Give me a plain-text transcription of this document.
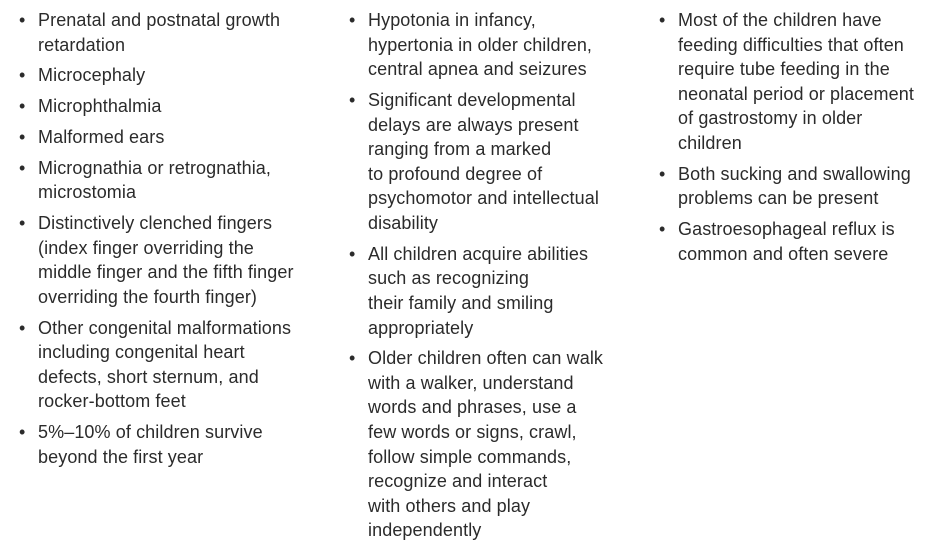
• Prenatal and postnatal growth
retardation
• Microcephaly
• Microphthalmia
• Malformed ears
• Micrognathia or retrognathia,
microstomia
• Distinctively clenched fingers
(index finger overriding the
middle finger and the fifth finger
overriding the fourth finger)
• Other congenital malformations
including congenital heart
defects, short sternum, and
rocker-bottom feet
• 5%–10% of children survive
beyond the first year
• Hypotonia in infancy,
hypertonia in older children,
central apnea and seizures
• Significant developmental
delays are always present
ranging from a marked
to profound degree of
psychomotor and intellectual
disability
• All children acquire abilities
such as recognizing
their family and smiling
appropriately
• Older children often can walk
with a walker, understand
words and phrases, use a
few words or signs, crawl,
follow simple commands,
recognize and interact
with others and play
independently
• Most of the children have
feeding difficulties that often
require tube feeding in the
neonatal period or placement
of gastrostomy in older
children
• Both sucking and swallowing
problems can be present
• Gastroesophageal reflux is
common and often severe
